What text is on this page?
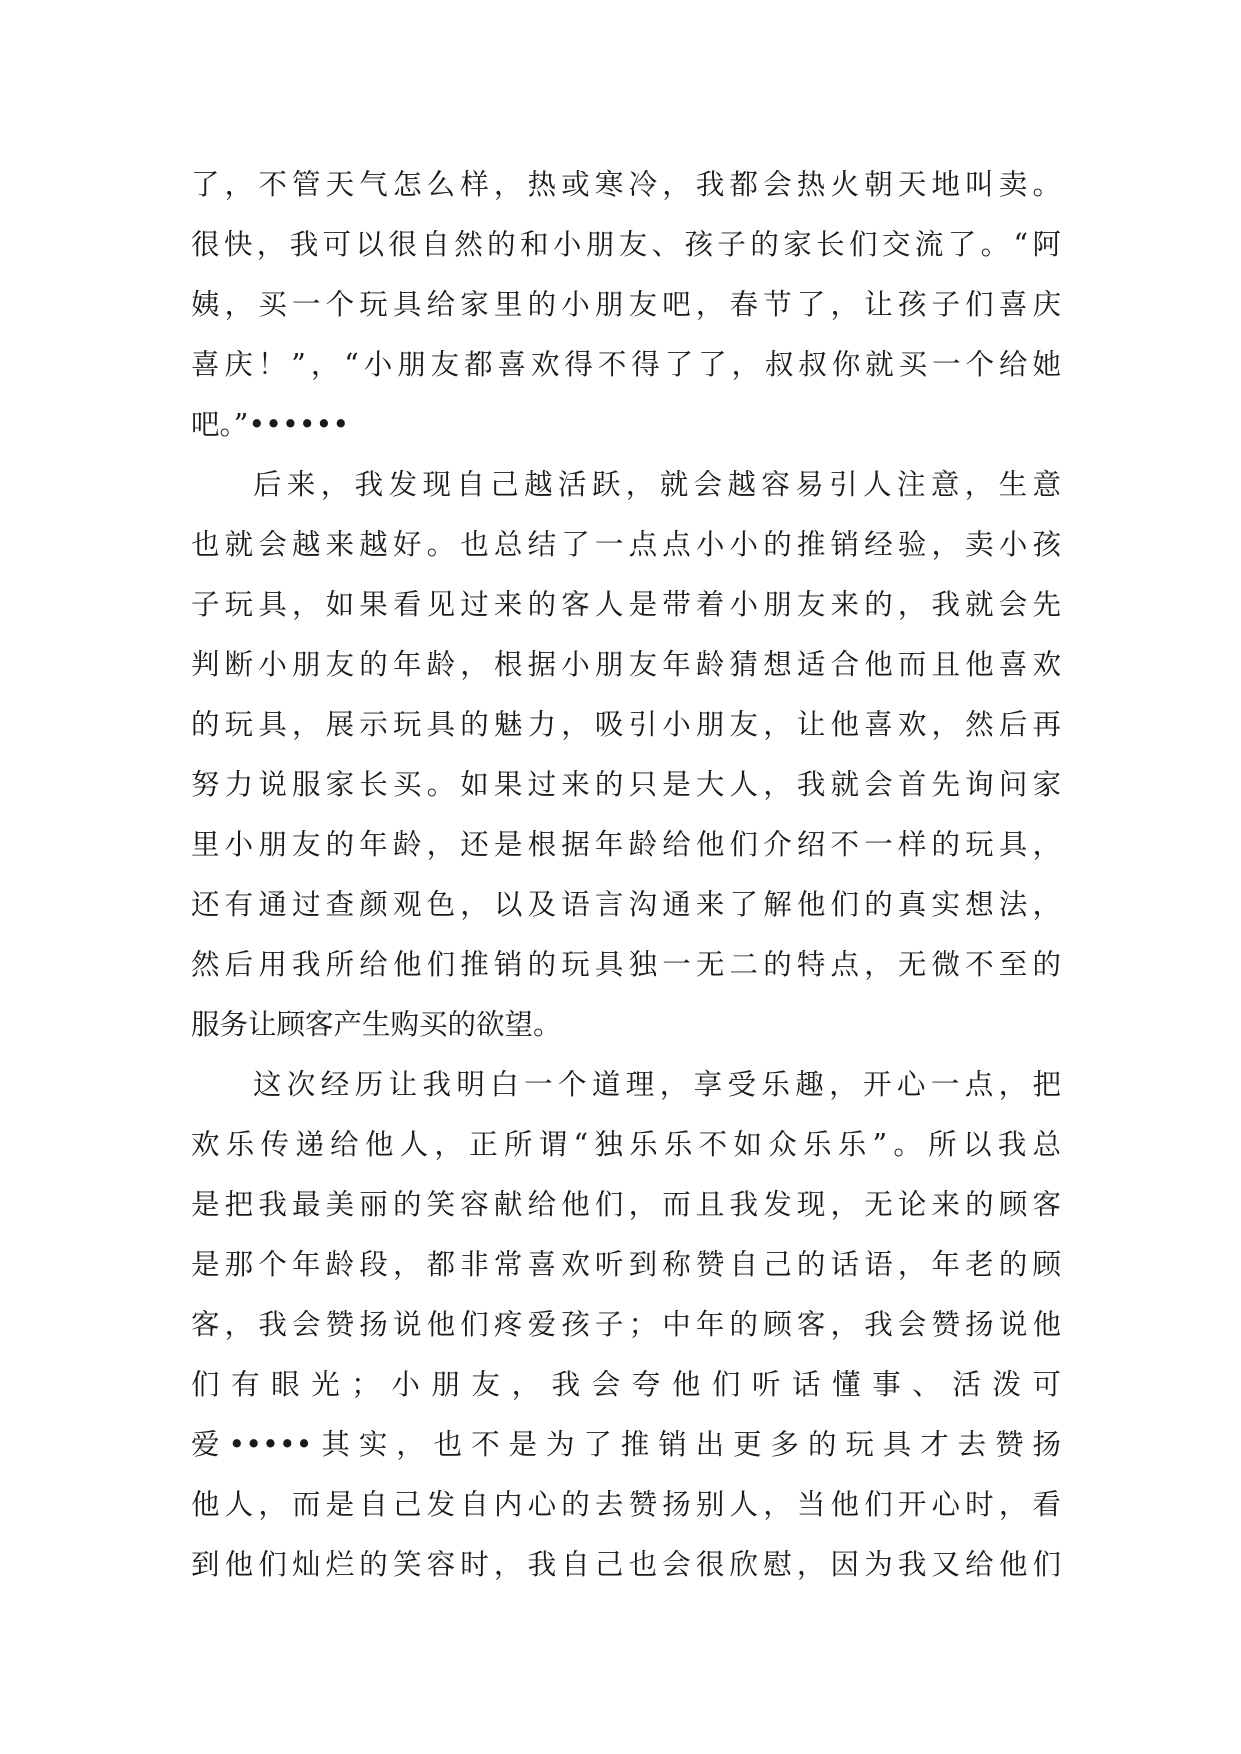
了，不管天气怎么样，热或寒冷，我都会热火朝天地叫卖。
很快，我可以很自然的和小朋友、孩子的家长们交流了。“阿
姨，买一个玩具给家里的小朋友吧，春节了，让孩子们喜庆
喜庆！”，“小朋友都喜欢得不得了了，叔叔你就买一个给她
吧。”••••••
后来，我发现自己越活跃，就会越容易引人注意，生意
也就会越来越好。也总结了一点点小小的推销经验，卖小孩
子玩具，如果看见过来的客人是带着小朋友来的，我就会先
判断小朋友的年龄，根据小朋友年龄猜想适合他而且他喜欢
的玩具，展示玩具的魅力，吸引小朋友，让他喜欢，然后再
努力说服家长买。如果过来的只是大人，我就会首先询问家
里小朋友的年龄，还是根据年龄给他们介绍不一样的玩具，
还有通过查颜观色，以及语言沟通来了解他们的真实想法，
然后用我所给他们推销的玩具独一无二的特点，无微不至的
服务让顾客产生购买的欲望。
这次经历让我明白一个道理，享受乐趣，开心一点，把
欢乐传递给他人，正所谓“独乐乐不如众乐乐”。所以我总
是把我最美丽的笑容献给他们，而且我发现，无论来的顾客
是那个年龄段，都非常喜欢听到称赞自己的话语，年老的顾
客，我会赞扬说他们疼爱孩子；中年的顾客，我会赞扬说他
们有眼光；小朋友，我会夸他们听话懂事、活泼可
爱•••••其实，也不是为了推销出更多的玩具才去赞扬
他人，而是自己发自内心的去赞扬别人，当他们开心时，看
到他们灿烂的笑容时，我自己也会很欣慰，因为我又给他们
